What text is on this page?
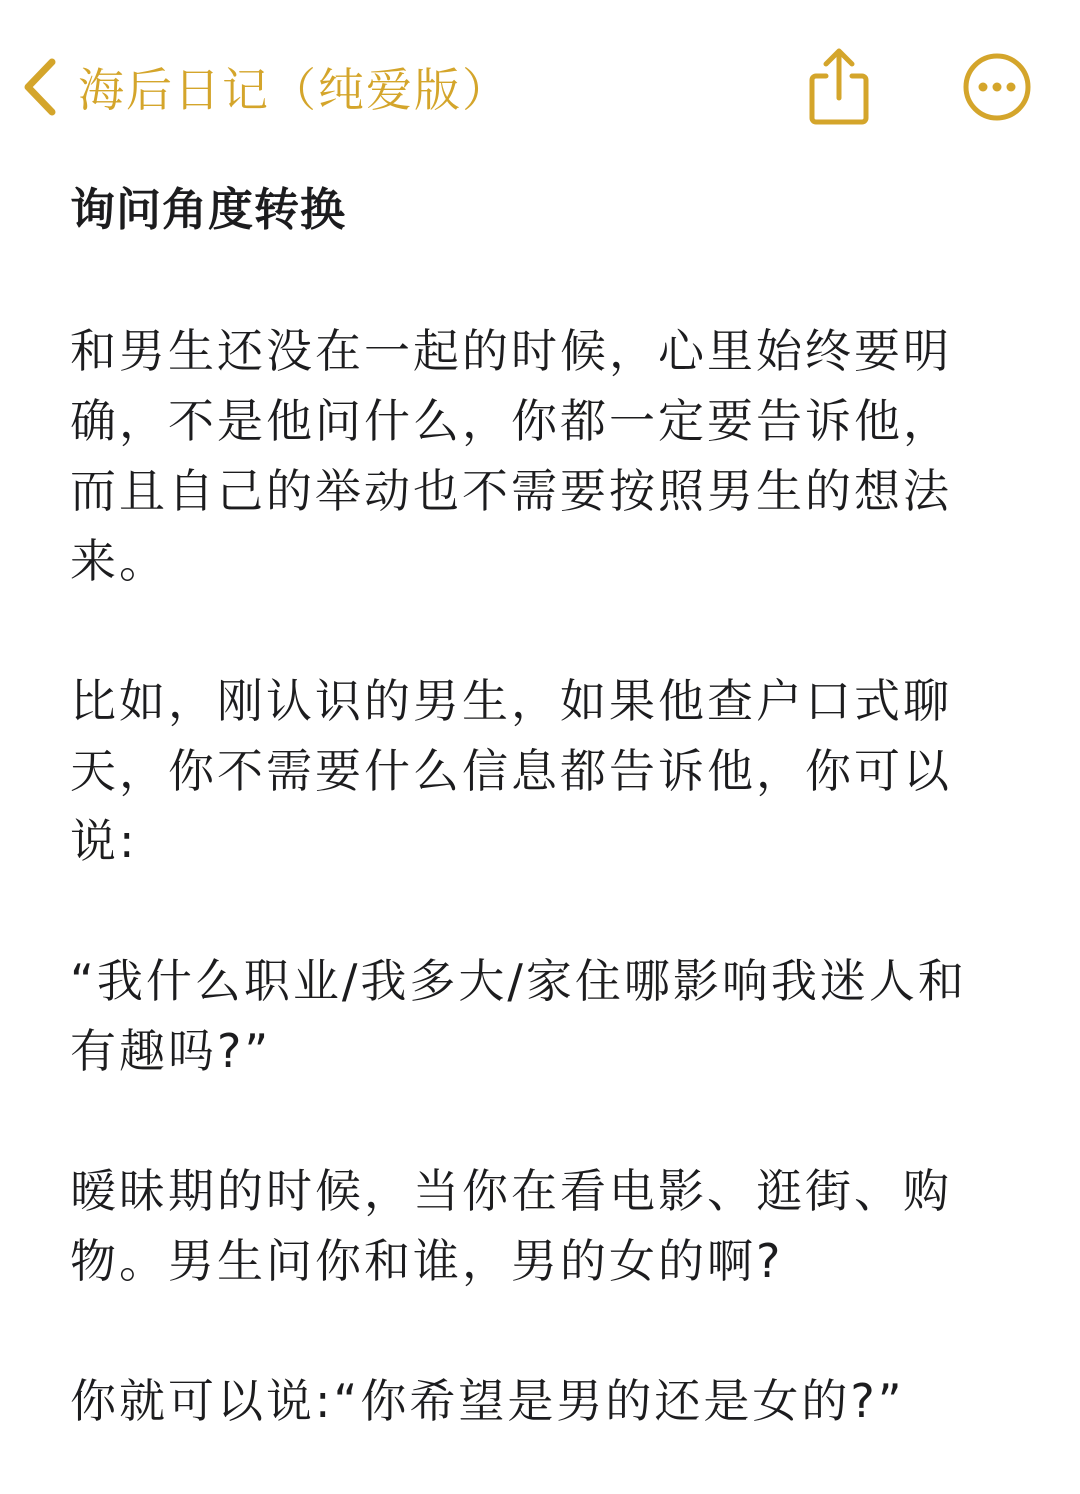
海后日记（纯爱版）

询问角度转换

和男生还没在一起的时候，心里始终要明
确，不是他问什么，你都一定要告诉他，
而且自己的举动也不需要按照男生的想法
来。

比如，刚认识的男生，如果他查户口式聊
天，你不需要什么信息都告诉他，你可以
说:

“我什么职业/我多大/家住哪影响我迷人和
有趣吗?”

暧昧期的时候，当你在看电影、逛街、购
物。男生问你和谁，男的女的啊?

你就可以说:“你希望是男的还是女的?”
